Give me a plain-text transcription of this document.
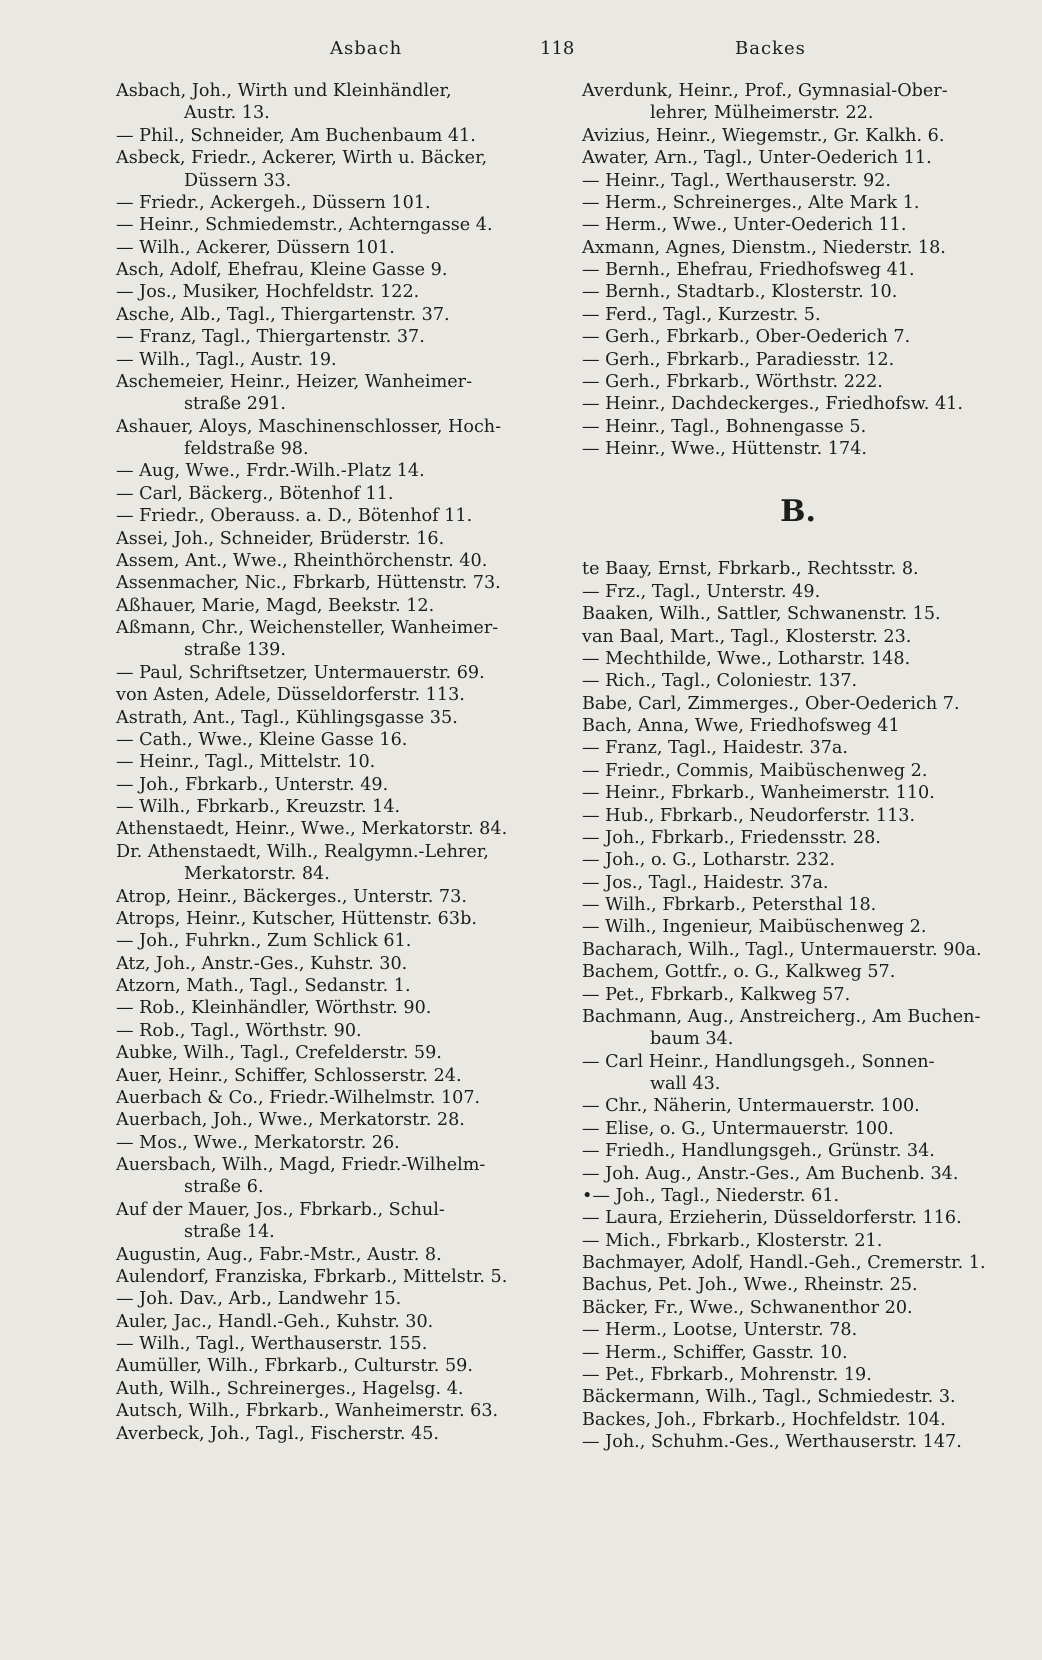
Asbach	118	Backes
Asbach, Joh., Wirth und Kleinhändler,
Austr. 13.
— Phil., Schneider, Am Buchenbaum 41.
Asbeck, Friedr., Ackerer, Wirth u. Bäcker,
Düssern 33.
— Friedr., Ackergeh., Düssern 101.
— Heinr., Schmiedemstr., Achterngasse 4.
— Wilh., Ackerer, Düssern 101.
Asch, Adolf, Ehefrau, Kleine Gasse 9.
— Jos., Musiker, Hochfeldstr. 122.
Asche, Alb., Tagl., Thiergartenstr. 37.
— Franz, Tagl., Thiergartenstr. 37.
— Wilh., Tagl., Austr. 19.
Aschemeier, Heinr., Heizer, Wanheimer-
straße 291.
Ashauer, Aloys, Maschinenschlosser, Hoch-
feldstraße 98.
— Aug, Wwe., Frdr.-Wilh.-Platz 14.
— Carl, Bäckerg., Bötenhof 11.
— Friedr., Oberauss. a. D., Bötenhof 11.
Assei, Joh., Schneider, Brüderstr. 16.
Assem, Ant., Wwe., Rheinthörchenstr. 40.
Assenmacher, Nic., Fbrkarb, Hüttenstr. 73.
Aßhauer, Marie, Magd, Beekstr. 12.
Aßmann, Chr., Weichensteller, Wanheimer-
straße 139.
— Paul, Schriftsetzer, Untermauerstr. 69.
von Asten, Adele, Düsseldorferstr. 113.
Astrath, Ant., Tagl., Kühlingsgasse 35.
— Cath., Wwe., Kleine Gasse 16.
— Heinr., Tagl., Mittelstr. 10.
— Joh., Fbrkarb., Unterstr. 49.
— Wilh., Fbrkarb., Kreuzstr. 14.
Athenstaedt, Heinr., Wwe., Merkatorstr. 84.
Dr. Athenstaedt, Wilh., Realgymn.-Lehrer,
Merkatorstr. 84.
Atrop, Heinr., Bäckerges., Unterstr. 73.
Atrops, Heinr., Kutscher, Hüttenstr. 63b.
— Joh., Fuhrkn., Zum Schlick 61.
Atz, Joh., Anstr.-Ges., Kuhstr. 30.
Atzorn, Math., Tagl., Sedanstr. 1.
— Rob., Kleinhändler, Wörthstr. 90.
— Rob., Tagl., Wörthstr. 90.
Aubke, Wilh., Tagl., Crefelderstr. 59.
Auer, Heinr., Schiffer, Schlosserstr. 24.
Auerbach & Co., Friedr.-Wilhelmstr. 107.
Auerbach, Joh., Wwe., Merkatorstr. 28.
— Mos., Wwe., Merkatorstr. 26.
Auersbach, Wilh., Magd, Friedr.-Wilhelm-
straße 6.
Auf der Mauer, Jos., Fbrkarb., Schul-
straße 14.
Augustin, Aug., Fabr.-Mstr., Austr. 8.
Aulendorf, Franziska, Fbrkarb., Mittelstr. 5.
— Joh. Dav., Arb., Landwehr 15.
Auler, Jac., Handl.-Geh., Kuhstr. 30.
— Wilh., Tagl., Werthauserstr. 155.
Aumüller, Wilh., Fbrkarb., Culturstr. 59.
Auth, Wilh., Schreinerges., Hagelsg. 4.
Autsch, Wilh., Fbrkarb., Wanheimerstr. 63.
Averbeck, Joh., Tagl., Fischerstr. 45.
Averdunk, Heinr., Prof., Gymnasial-Ober-
lehrer, Mülheimerstr. 22.
Avizius, Heinr., Wiegemstr., Gr. Kalkh. 6.
Awater, Arn., Tagl., Unter-Oederich 11.
— Heinr., Tagl., Werthauserstr. 92.
— Herm., Schreinerges., Alte Mark 1.
— Herm., Wwe., Unter-Oederich 11.
Axmann, Agnes, Dienstm., Niederstr. 18.
— Bernh., Ehefrau, Friedhofsweg 41.
— Bernh., Stadtarb., Klosterstr. 10.
— Ferd., Tagl., Kurzestr. 5.
— Gerh., Fbrkarb., Ober-Oederich 7.
— Gerh., Fbrkarb., Paradiesstr. 12.
— Gerh., Fbrkarb., Wörthstr. 222.
— Heinr., Dachdeckerges., Friedhofsw. 41.
— Heinr., Tagl., Bohnengasse 5.
— Heinr., Wwe., Hüttenstr. 174.
B.
te Baay, Ernst, Fbrkarb., Rechtsstr. 8.
— Frz., Tagl., Unterstr. 49.
Baaken, Wilh., Sattler, Schwanenstr. 15.
van Baal, Mart., Tagl., Klosterstr. 23.
— Mechthilde, Wwe., Lotharstr. 148.
— Rich., Tagl., Coloniestr. 137.
Babe, Carl, Zimmerges., Ober-Oederich 7.
Bach, Anna, Wwe, Friedhofsweg 41
— Franz, Tagl., Haidestr. 37a.
— Friedr., Commis, Maibüschenweg 2.
— Heinr., Fbrkarb., Wanheimerstr. 110.
— Hub., Fbrkarb., Neudorferstr. 113.
— Joh., Fbrkarb., Friedensstr. 28.
— Joh., o. G., Lotharstr. 232.
— Jos., Tagl., Haidestr. 37a.
— Wilh., Fbrkarb., Petersthal 18.
— Wilh., Ingenieur, Maibüschenweg 2.
Bacharach, Wilh., Tagl., Untermauerstr. 90a.
Bachem, Gottfr., o. G., Kalkweg 57.
— Pet., Fbrkarb., Kalkweg 57.
Bachmann, Aug., Anstreicherg., Am Buchen-
baum 34.
— Carl Heinr., Handlungsgeh., Sonnen-
wall 43.
— Chr., Näherin, Untermauerstr. 100.
— Elise, o. G., Untermauerstr. 100.
— Friedh., Handlungsgeh., Grünstr. 34.
— Joh. Aug., Anstr.-Ges., Am Buchenb. 34.
•— Joh., Tagl., Niederstr. 61.
— Laura, Erzieherin, Düsseldorferstr. 116.
— Mich., Fbrkarb., Klosterstr. 21.
Bachmayer, Adolf, Handl.-Geh., Cremerstr. 1.
Bachus, Pet. Joh., Wwe., Rheinstr. 25.
Bäcker, Fr., Wwe., Schwanenthor 20.
— Herm., Lootse, Unterstr. 78.
— Herm., Schiffer, Gasstr. 10.
— Pet., Fbrkarb., Mohrenstr. 19.
Bäckermann, Wilh., Tagl., Schmiedestr. 3.
Backes, Joh., Fbrkarb., Hochfeldstr. 104.
— Joh., Schuhm.-Ges., Werthauserstr. 147.
